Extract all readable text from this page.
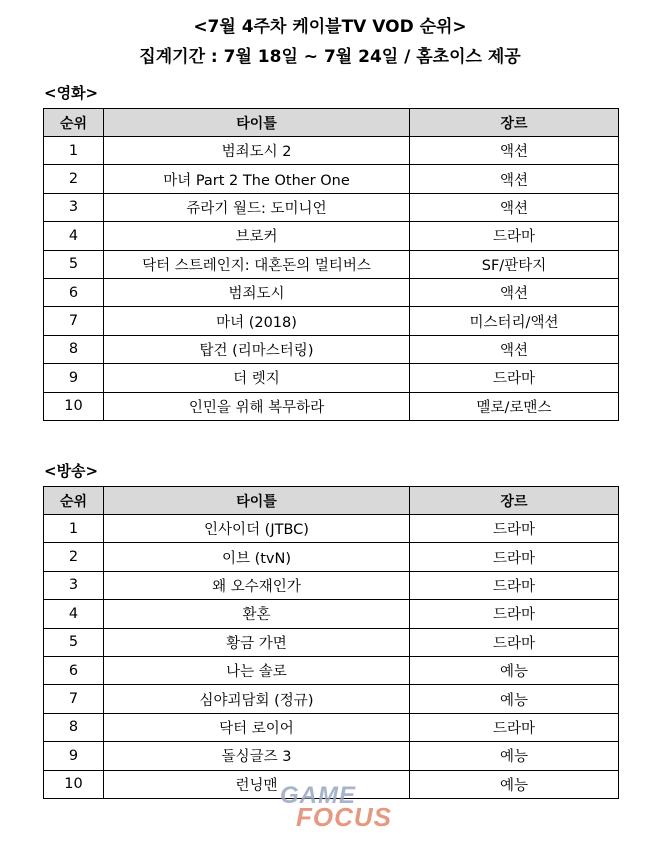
<7월 4주차 케이블TV VOD 순위>
집계기간 : 7월 18일 ~ 7월 24일 / 홈초이스 제공
<영화>
순위	타이틀	장르
1	범죄도시 2	액션
2	마녀 Part 2 The Other One	액션
3	쥬라기 월드: 도미니언	액션
4	브로커	드라마
5	닥터 스트레인지: 대혼돈의 멀티버스	SF/판타지
6	범죄도시	액션
7	마녀 (2018)	미스터리/액션
8	탑건 (리마스터링)	액션
9	더 렛지	드라마
10	인민을 위해 복무하라	멜로/로맨스
<방송>
순위	타이틀	장르
1	인사이더 (JTBC)	드라마
2	이브 (tvN)	드라마
3	왜 오수재인가	드라마
4	환혼	드라마
5	황금 가면	드라마
6	나는 솔로	예능
7	심야괴담회 (정규)	예능
8	닥터 로이어	드라마
9	돌싱글즈 3	예능
10	런닝맨	예능
GAME
FOCUS
